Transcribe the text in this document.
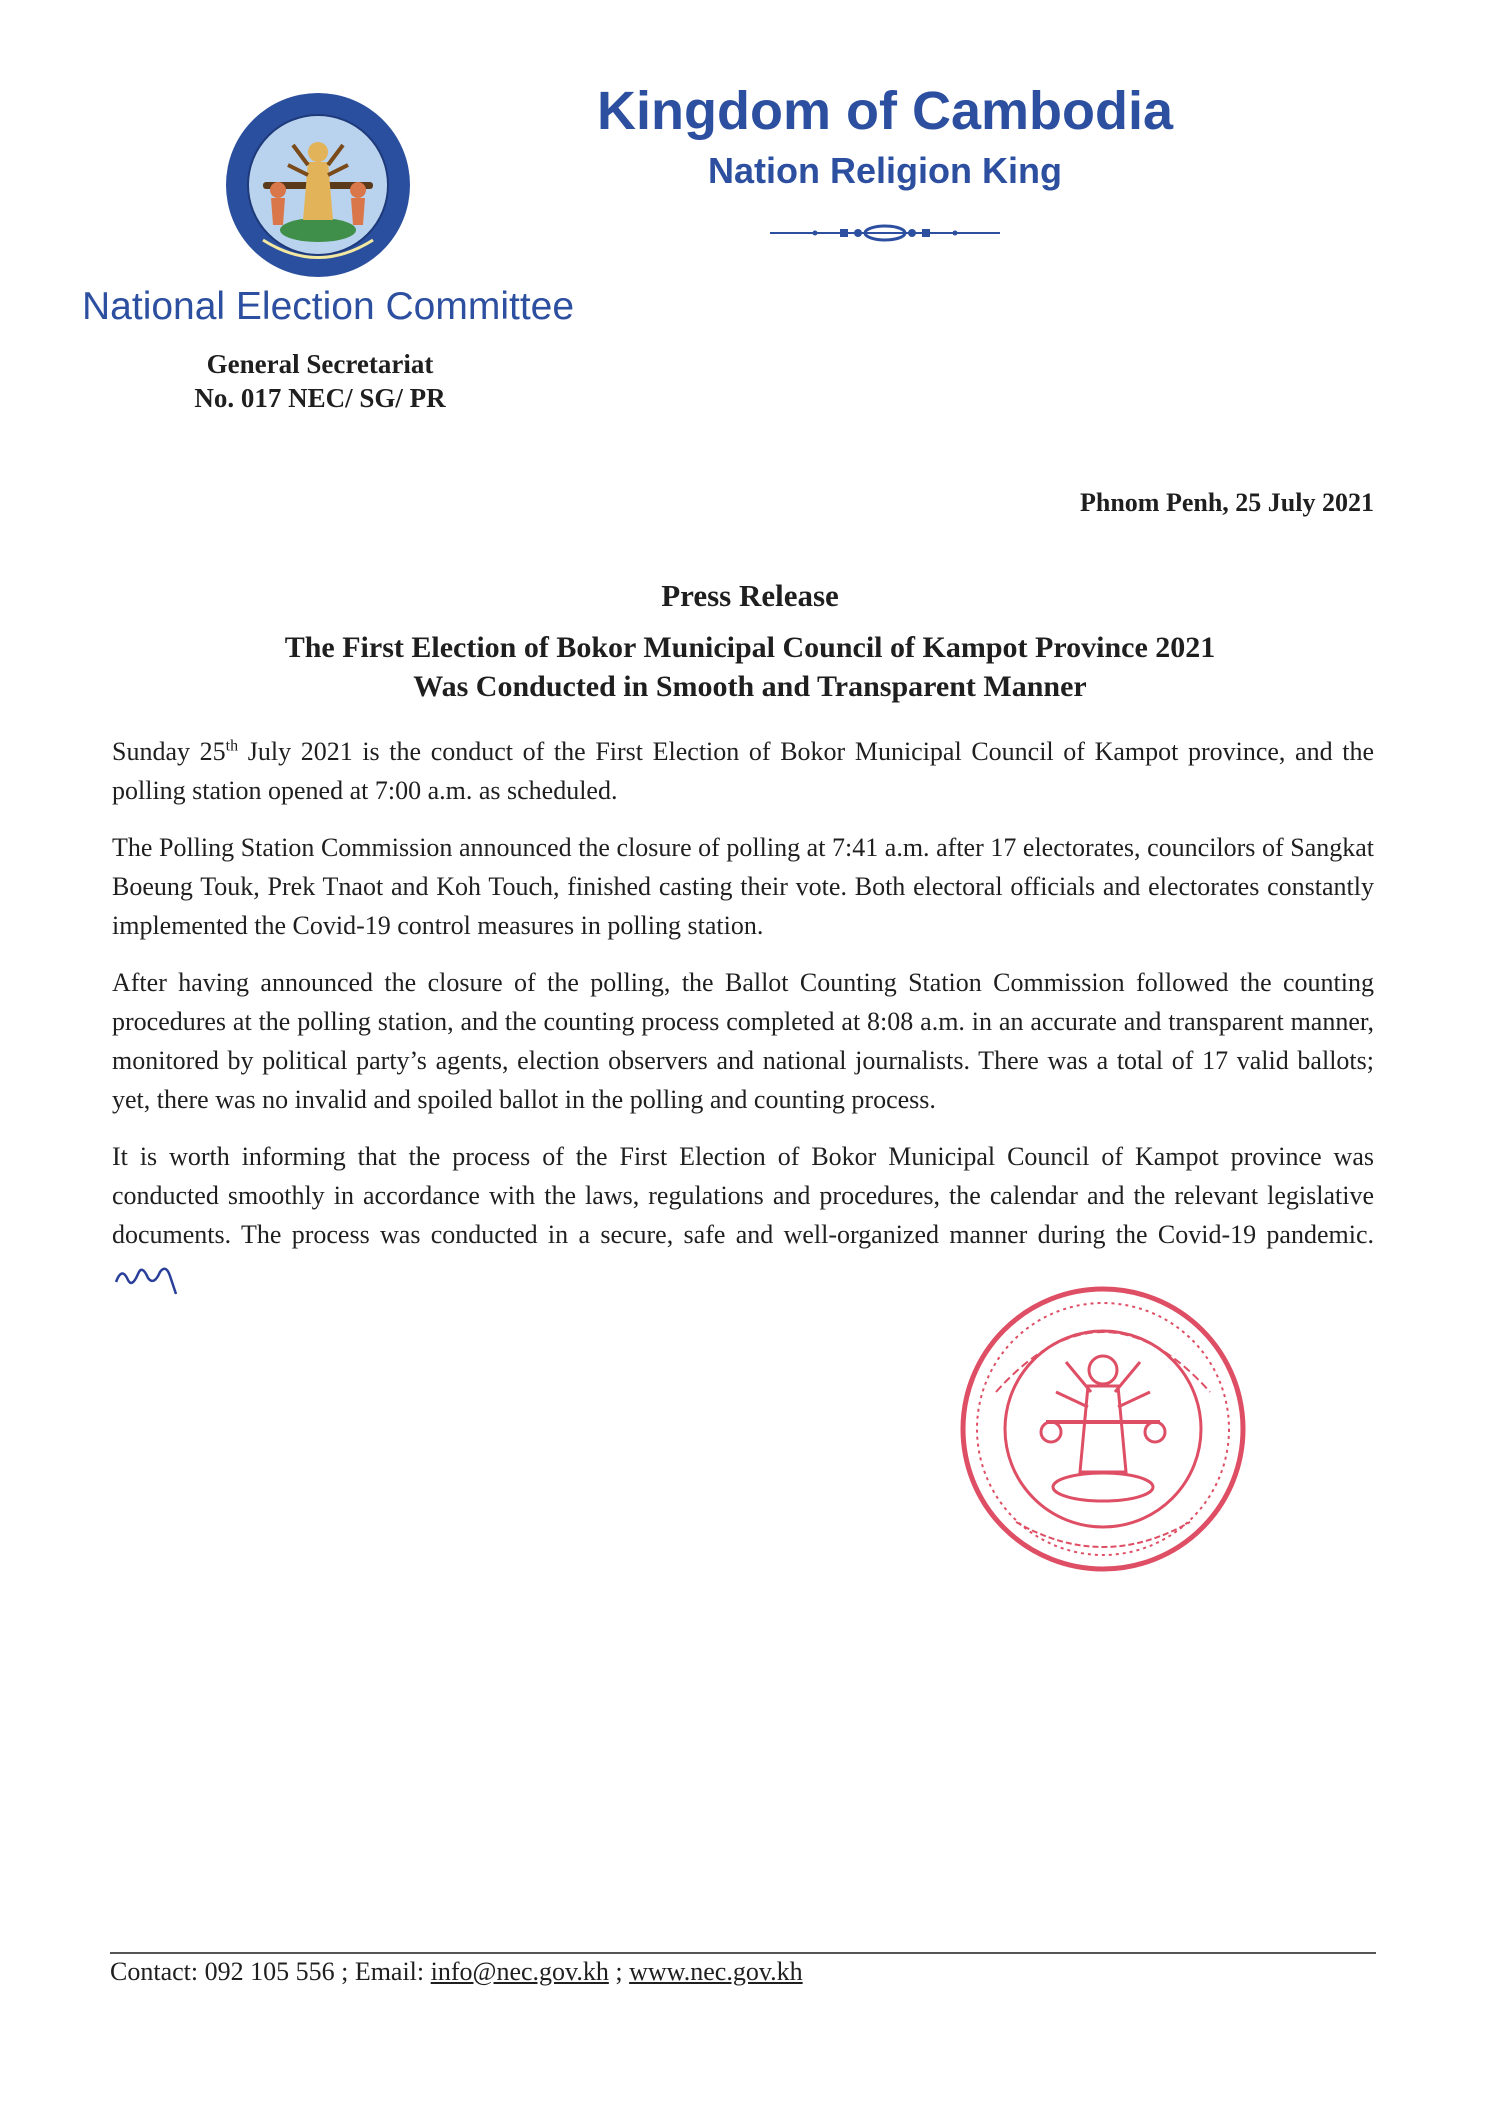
National Election Committee
General Secretariat
No. 017 NEC/ SG/ PR
Kingdom of Cambodia
Nation Religion King
Phnom Penh, 25 July 2021
Press Release
The First Election of Bokor Municipal Council of Kampot Province 2021
Was Conducted in Smooth and Transparent Manner

Sunday 25th July 2021 is the conduct of the First Election of Bokor Municipal Council of Kampot province, and the polling station opened at 7:00 a.m. as scheduled.

The Polling Station Commission announced the closure of polling at 7:41 a.m. after 17 electorates, councilors of Sangkat Boeung Touk, Prek Tnaot and Koh Touch, finished casting their vote. Both electoral officials and electorates constantly implemented the Covid-19 control measures in polling station.

After having announced the closure of the polling, the Ballot Counting Station Commission followed the counting procedures at the polling station, and the counting process completed at 8:08 a.m. in an accurate and transparent manner, monitored by political party’s agents, election observers and national journalists. There was a total of 17 valid ballots; yet, there was no invalid and spoiled ballot in the polling and counting process.

It is worth informing that the process of the First Election of Bokor Municipal Council of Kampot province was conducted smoothly in accordance with the laws, regulations and procedures, the calendar and the relevant legislative documents. The process was conducted in a secure, safe and well-organized manner during the Covid-19 pandemic.

Contact: 092 105 556 ; Email: info@nec.gov.kh ; www.nec.gov.kh
